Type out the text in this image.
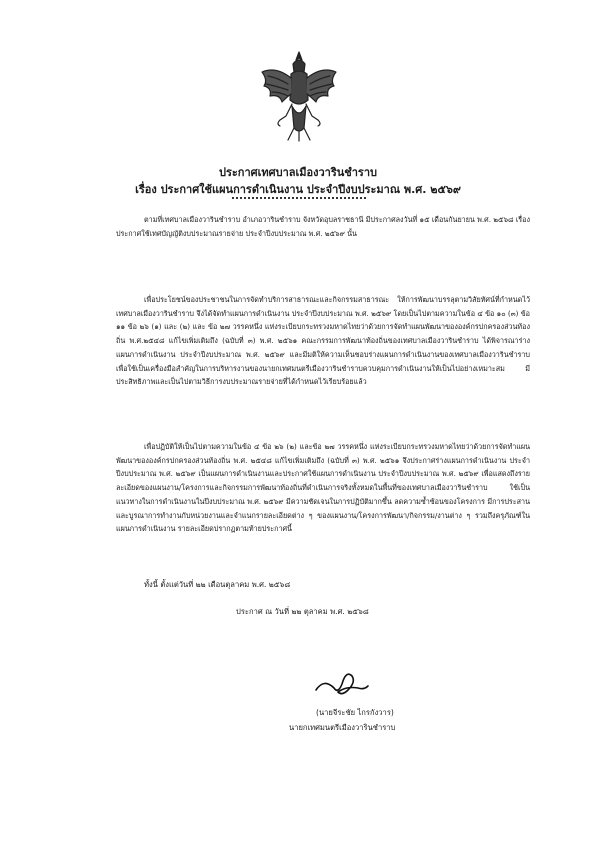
ประกาศเทศบาลเมืองวารินชำราบ
เรื่อง ประกาศใช้แผนการดำเนินงาน ประจำปีงบประมาณ พ.ศ. ๒๕๖๙
ตามที่เทศบาลเมืองวารินชำราบ อำเภอวารินชำราบ จังหวัดอุบลราชธานี มีประกาศลงวันที่ ๑๕ เดือนกันยายน พ.ศ. ๒๕๖๘ เรื่อง ประกาศใช้เทศบัญญัติงบประมาณรายจ่าย ประจำปีงบประมาณ พ.ศ. ๒๕๖๙ นั้น
เพื่อประโยชน์ของประชาชนในการจัดทำบริการสาธารณะและกิจกรรมสาธารณะ ให้การพัฒนาบรรลุตามวิสัยทัศน์ที่กำหนดไว้ เทศบาลเมืองวารินชำราบ จึงได้จัดทำแผนการดำเนินงาน ประจำปีงบประมาณ พ.ศ. ๒๕๖๙ โดยเป็นไปตามความในข้อ ๔ ข้อ ๑๐ (๓) ข้อ ๑๑ ข้อ ๒๖ (๑) และ (๒) และ ข้อ ๒๗ วรรคหนึ่ง แห่งระเบียบกระทรวงมหาดไทยว่าด้วยการจัดทำแผนพัฒนาขององค์กรปกครองส่วนท้องถิ่น พ.ศ.๒๕๔๘ แก้ไขเพิ่มเติมถึง (ฉบับที่ ๓) พ.ศ. ๒๕๖๑ คณะกรรมการพัฒนาท้องถิ่นของเทศบาลเมืองวารินชำราบ ได้พิจารณาร่างแผนการดำเนินงาน ประจำปีงบประมาณ พ.ศ. ๒๕๖๙ และมีมติให้ความเห็นชอบร่างแผนการดำเนินงานของเทศบาลเมืองวารินชำราบ เพื่อใช้เป็นเครื่องมือสำคัญในการบริหารงานของนายกเทศมนตรีเมืองวารินชำราบควบคุมการดำเนินงานให้เป็นไปอย่างเหมาะสม มีประสิทธิภาพและเป็นไปตามวิธีการงบประมาณรายจ่ายที่ได้กำหนดไว้เรียบร้อยแล้ว
เพื่อปฏิบัติให้เป็นไปตามความในข้อ ๔ ข้อ ๒๖ (๒) และข้อ ๒๗ วรรคหนึ่ง แห่งระเบียบกระทรวงมหาดไทยว่าด้วยการจัดทำแผนพัฒนาขององค์กรปกครองส่วนท้องถิ่น พ.ศ. ๒๕๔๘ แก้ไขเพิ่มเติมถึง (ฉบับที่ ๓) พ.ศ. ๒๕๖๑ จึงประกาศร่างแผนการดำเนินงาน ประจำปีงบประมาณ พ.ศ. ๒๕๖๙ เป็นแผนการดำเนินงานและประกาศใช้แผนการดำเนินงาน ประจำปีงบประมาณ พ.ศ. ๒๕๖๙ เพื่อแสดงถึงรายละเอียดของแผนงาน/โครงการและกิจกรรมการพัฒนาท้องถิ่นที่ดำเนินการจริงทั้งหมดในพื้นที่ของเทศบาลเมืองวารินชำราบ ใช้เป็นแนวทางในการดำเนินงานในปีงบประมาณ พ.ศ. ๒๕๖๙ มีความชัดเจนในการปฏิบัติมากขึ้น ลดความซ้ำซ้อนของโครงการ มีการประสานและบูรณาการทำงานกับหน่วยงานและจำแนกรายละเอียดต่าง ๆ ของแผนงาน/โครงการพัฒนา/กิจกรรม/งานต่าง ๆ รวมถึงครุภัณฑ์ในแผนการดำเนินงาน รายละเอียดปรากฏตามท้ายประกาศนี้
ทั้งนี้ ตั้งแต่วันที่ ๒๒ เดือนตุลาคม พ.ศ. ๒๕๖๘
ประกาศ ณ วันที่ ๒๒ ตุลาคม พ.ศ. ๒๕๖๘
(นายจีระชัย ไกรกังวาร)
นายกเทศมนตรีเมืองวารินชำราบ
